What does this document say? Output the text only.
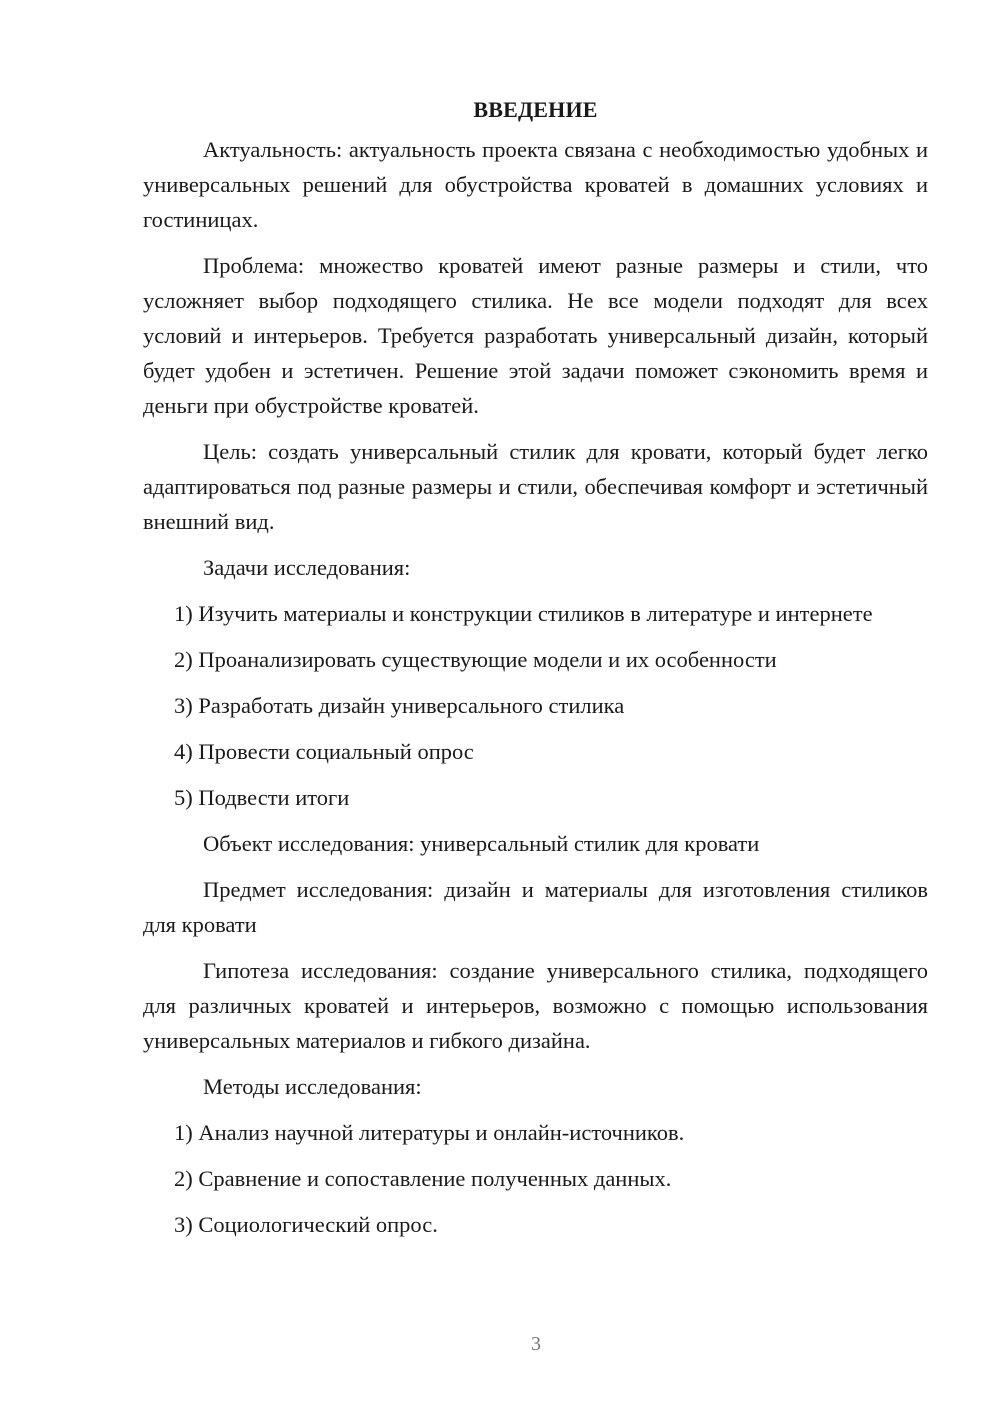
ВВЕДЕНИЕ

Актуальность: актуальность проекта связана с необходимостью удобных и универсальных решений для обустройства кроватей в домашних условиях и гостиницах.

Проблема: множество кроватей имеют разные размеры и стили, что усложняет выбор подходящего стилика. Не все модели подходят для всех условий и интерьеров. Требуется разработать универсальный дизайн, который будет удобен и эстетичен. Решение этой задачи поможет сэкономить время и деньги при обустройстве кроватей.

Цель: создать универсальный стилик для кровати, который будет легко адаптироваться под разные размеры и стили, обеспечивая комфорт и эстетичный внешний вид.

Задачи исследования:

1) Изучить материалы и конструкции стиликов в литературе и интернете

2) Проанализировать существующие модели и их особенности

3) Разработать дизайн универсального стилика

4) Провести социальный опрос

5) Подвести итоги

Объект исследования: универсальный стилик для кровати

Предмет исследования: дизайн и материалы для изготовления стиликов для кровати

Гипотеза исследования: создание универсального стилика, подходящего для различных кроватей и интерьеров, возможно с помощью использования универсальных материалов и гибкого дизайна.

Методы исследования:

1) Анализ научной литературы и онлайн-источников.

2) Сравнение и сопоставление полученных данных.

3) Социологический опрос.

3
